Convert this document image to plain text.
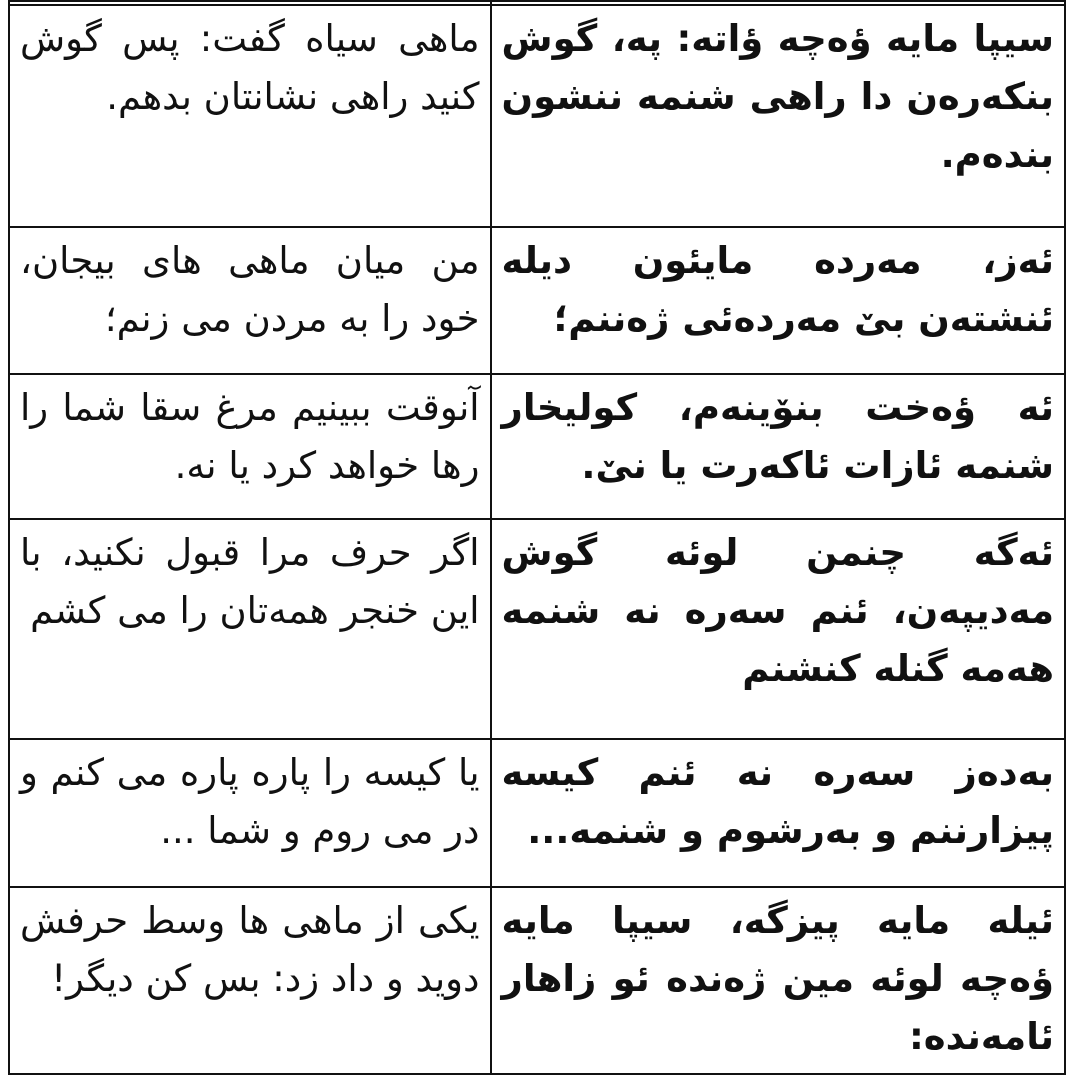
ماهی سیاه گفت: پس گوش کنید راهی نشانتان بدهم.	سیپا مایه ؤەچە ؤاتە: پە، گوش بنکەرەن دا راهی شنمە ننشون بندەم.
من میان ماهی های بیجان، خود را به مردن می زنم؛	ئەز، مەردە مایئون دیلە ئنشتەن بێ مەردەئی ژەننم؛
آنوقت ببینیم مرغ سقا شما را رها خواهد کرد یا نه.	ئە ؤەخت بنۆینەم، کولیخار شنمە ئازات ئاکەرت یا نێ.
اگر حرف مرا قبول نکنید، با این خنجر همەتان را می کشم	ئەگە چنمن لوئە گوش مەدیپەن، ئنم سەرە نە شنمە هەمە گنلە کنشنم
یا کیسه را پاره پاره می کنم و در می روم و شما ...	بەدەز سەرە نە ئنم کیسە پیزارننم و بەرشوم و شنمە...
یکی از ماهی ها وسط حرفش دوید و داد زد: بس کن دیگر!	ئیلە مایە پیزگە، سیپا مایە ؤەچە لوئە مین ژەندە ئو زاهار ئامەندە:
